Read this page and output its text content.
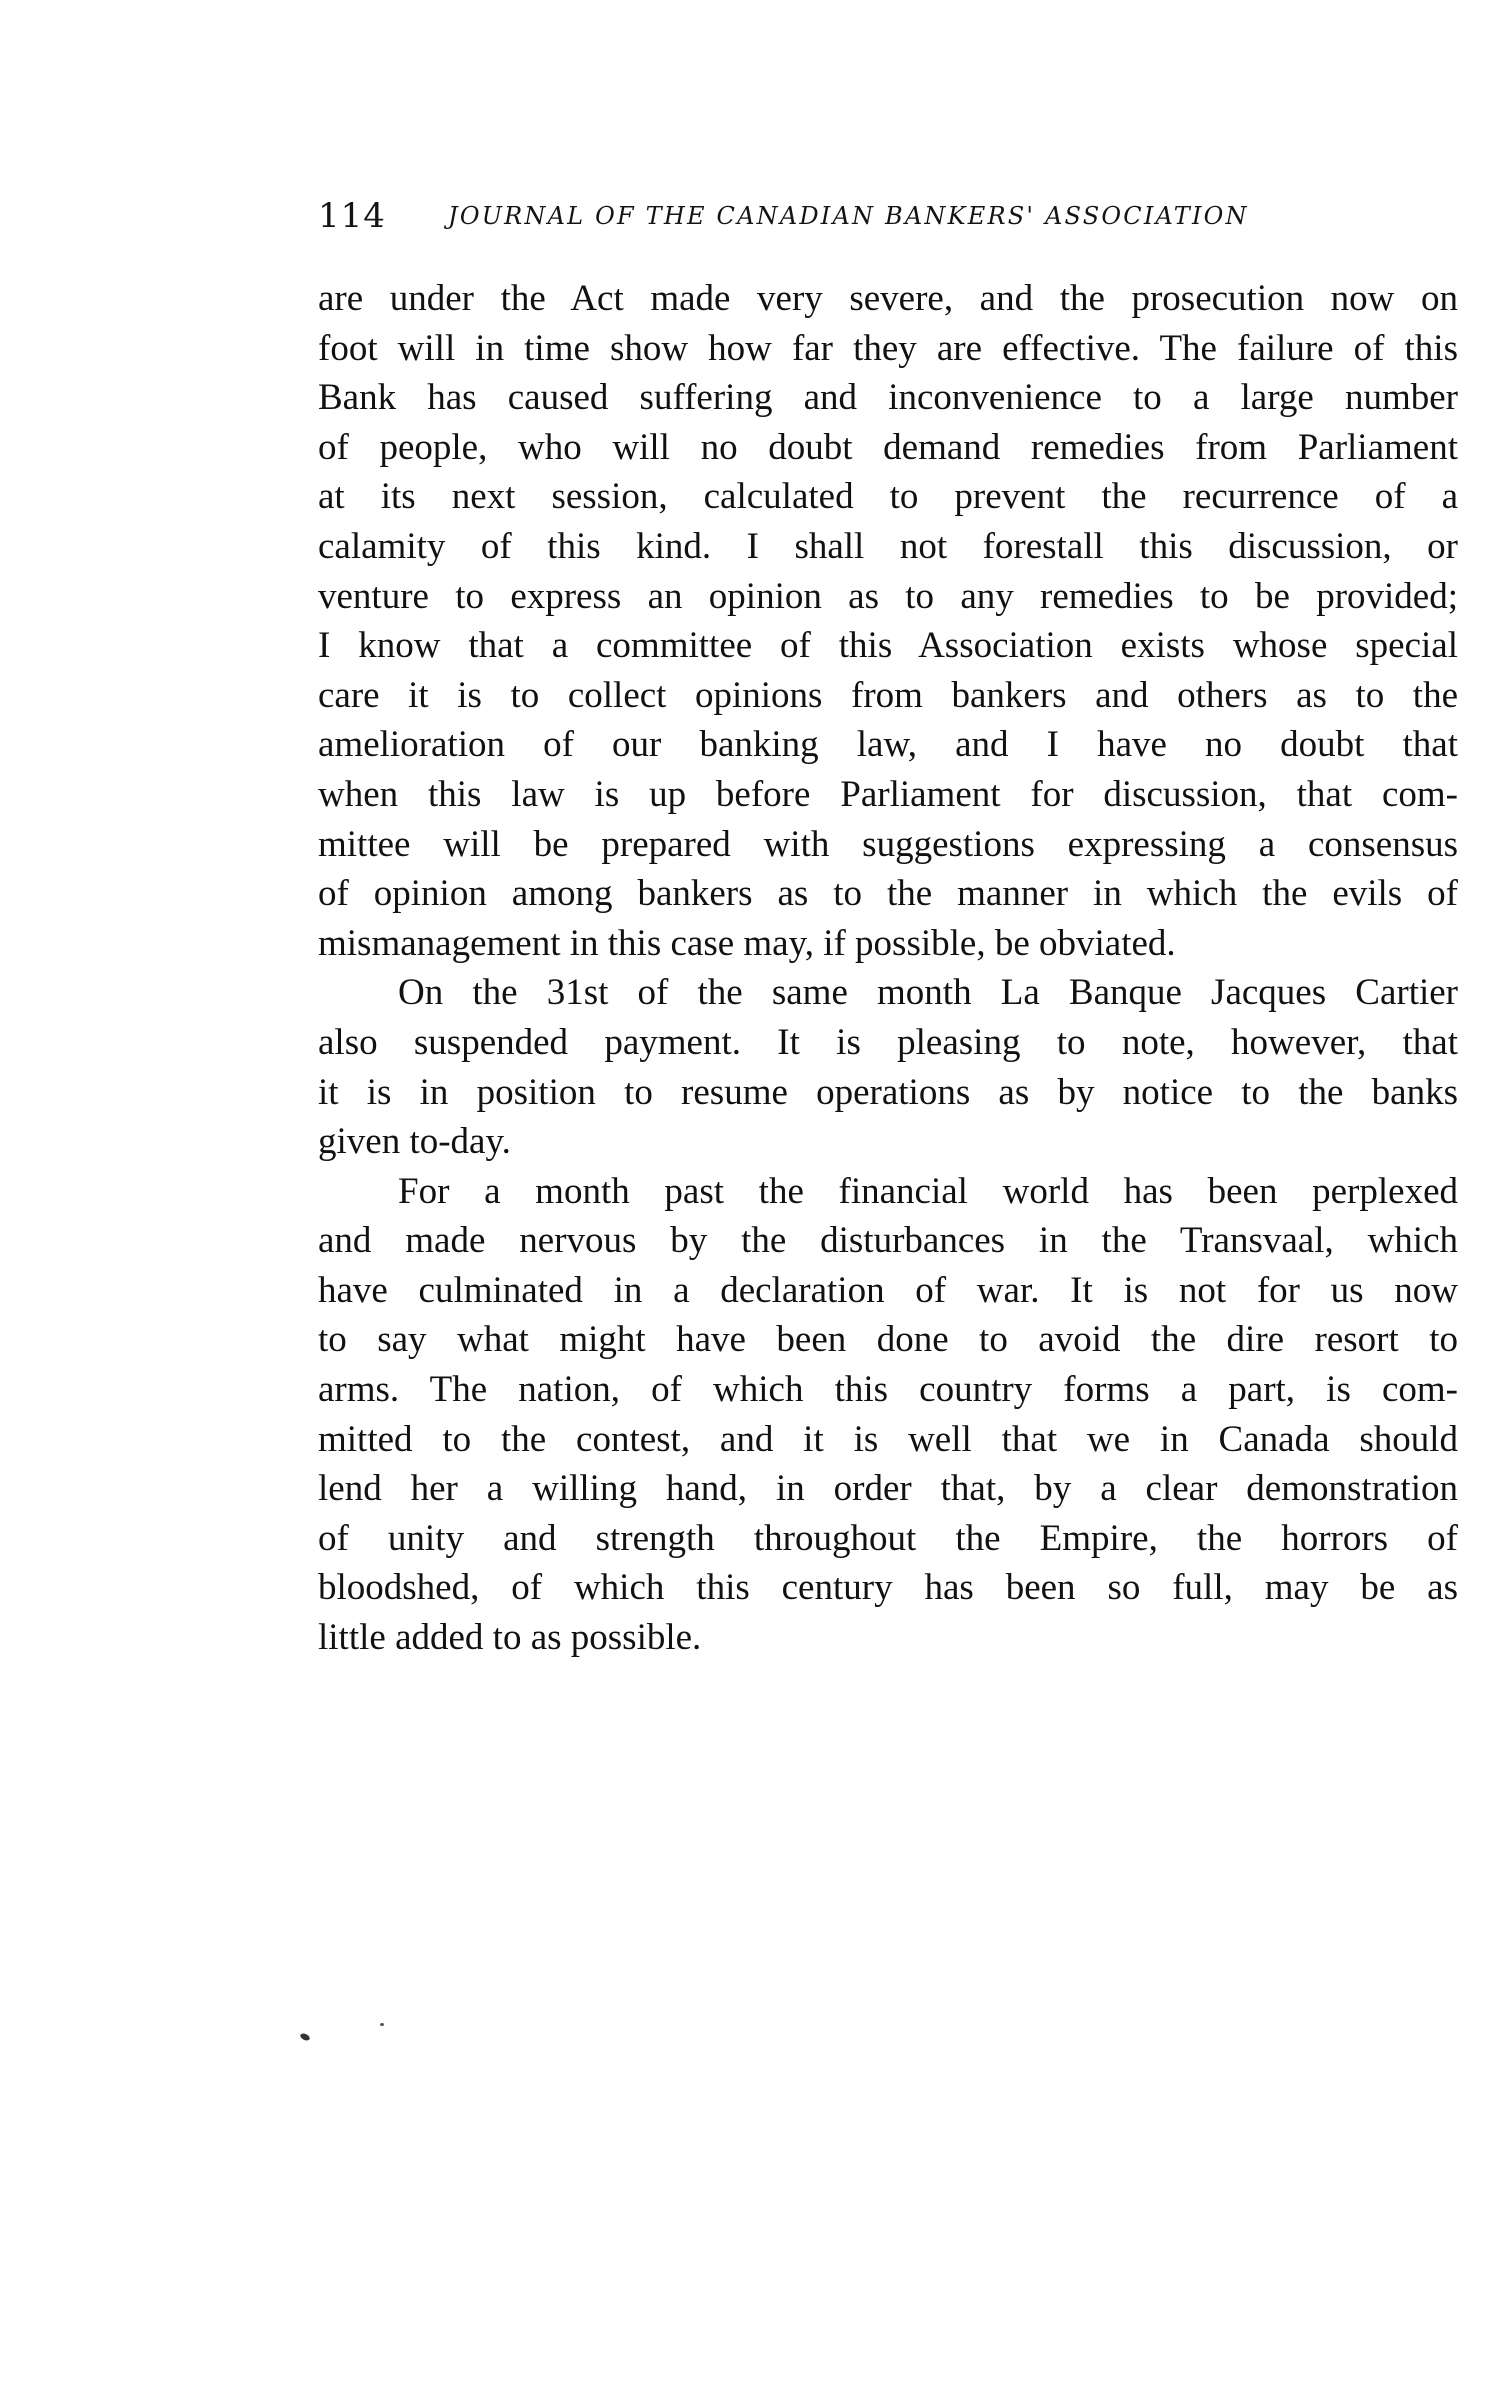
114	JOURNAL OF THE CANADIAN BANKERS' ASSOCIATION
are under the Act made very severe, and the prosecution now on
foot will in time show how far they are effective. The failure of this
Bank has caused suffering and inconvenience to a large number
of people, who will no doubt demand remedies from Parliament
at its next session, calculated to prevent the recurrence of a
calamity of this kind. I shall not forestall this discussion, or
venture to express an opinion as to any remedies to be provided;
I know that a committee of this Association exists whose special
care it is to collect opinions from bankers and others as to the
amelioration of our banking law, and I have no doubt that
when this law is up before Parliament for discussion, that com-
mittee will be prepared with suggestions expressing a consensus
of opinion among bankers as to the manner in which the evils of
mismanagement in this case may, if possible, be obviated.
On the 31st of the same month La Banque Jacques Cartier
also suspended payment. It is pleasing to note, however, that
it is in position to resume operations as by notice to the banks
given to-day.
For a month past the financial world has been perplexed
and made nervous by the disturbances in the Transvaal, which
have culminated in a declaration of war. It is not for us now
to say what might have been done to avoid the dire resort to
arms. The nation, of which this country forms a part, is com-
mitted to the contest, and it is well that we in Canada should
lend her a willing hand, in order that, by a clear demonstration
of unity and strength throughout the Empire, the horrors of
bloodshed, of which this century has been so full, may be as
little added to as possible.
